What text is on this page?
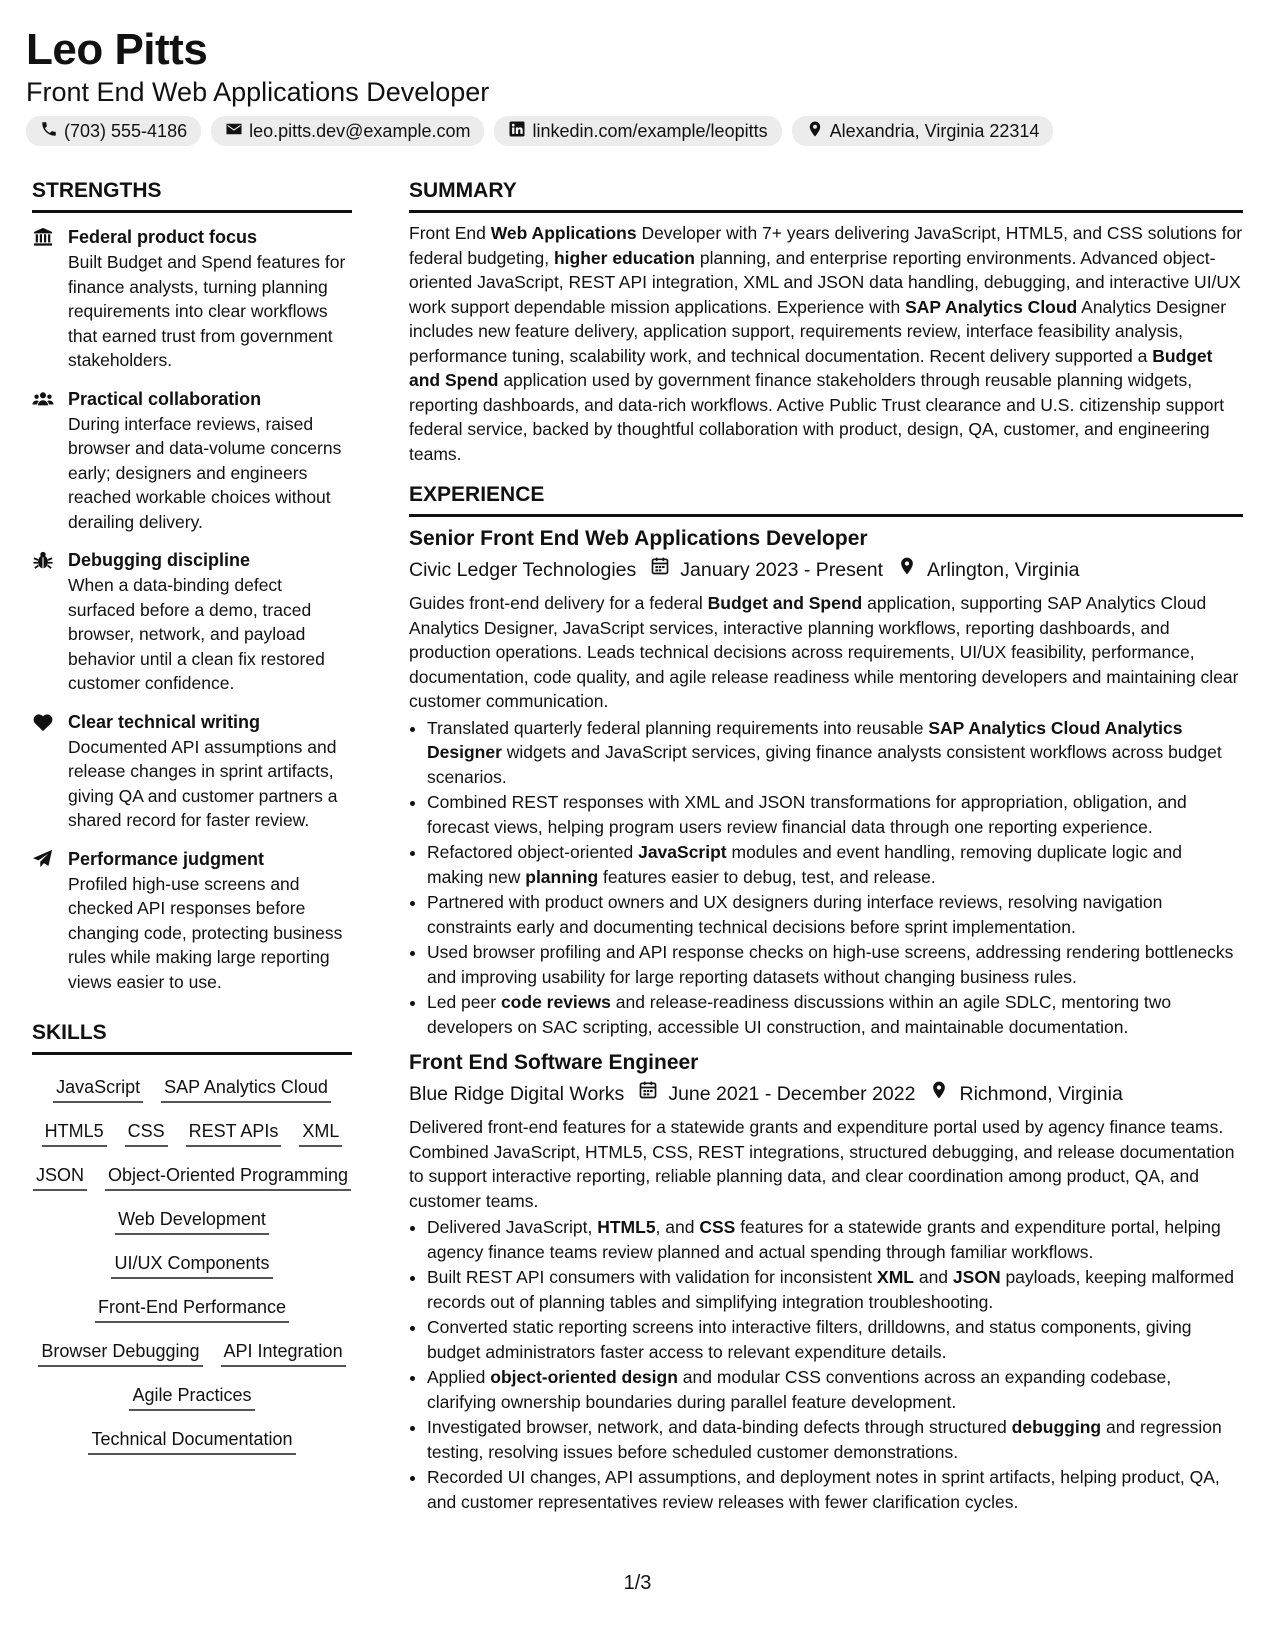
Leo Pitts
Front End Web Applications Developer
(703) 555-4186	leo.pitts.dev@example.com	linkedin.com/example/leopitts	Alexandria, Virginia 22314
STRENGTHS
Federal product focus
Built Budget and Spend features for finance analysts, turning planning requirements into clear workflows that earned trust from government stakeholders.
Practical collaboration
During interface reviews, raised browser and data-volume concerns early; designers and engineers reached workable choices without derailing delivery.
Debugging discipline
When a data-binding defect surfaced before a demo, traced browser, network, and payload behavior until a clean fix restored customer confidence.
Clear technical writing
Documented API assumptions and release changes in sprint artifacts, giving QA and customer partners a shared record for faster review.
Performance judgment
Profiled high-use screens and checked API responses before changing code, protecting business rules while making large reporting views easier to use.
SKILLS
JavaScript SAP Analytics Cloud
HTML5 CSS REST APIs XML
JSON Object-Oriented Programming
Web Development
UI/UX Components
Front-End Performance
Browser Debugging API Integration
Agile Practices
Technical Documentation
SUMMARY

Front End Web Applications Developer with 7+ years delivering JavaScript, HTML5, and CSS solutions for federal budgeting, higher education planning, and enterprise reporting environments. Advanced object-oriented JavaScript, REST API integration, XML and JSON data handling, debugging, and interactive UI/UX work support dependable mission applications. Experience with SAP Analytics Cloud Analytics Designer includes new feature delivery, application support, requirements review, interface feasibility analysis, performance tuning, scalability work, and technical documentation. Recent delivery supported a Budget and Spend application used by government finance stakeholders through reusable planning widgets, reporting dashboards, and data-rich workflows. Active Public Trust clearance and U.S. citizenship support federal service, backed by thoughtful collaboration with product, design, QA, customer, and engineering teams.

EXPERIENCE
Senior Front End Web Applications Developer
Civic Ledger Technologies January 2023 - Present Arlington, Virginia
Guides front-end delivery for a federal Budget and Spend application, supporting SAP Analytics Cloud Analytics Designer, JavaScript services, interactive planning workflows, reporting dashboards, and production operations. Leads technical decisions across requirements, UI/UX feasibility, performance, documentation, code quality, and agile release readiness while mentoring developers and maintaining clear customer communication.
• Translated quarterly federal planning requirements into reusable SAP Analytics Cloud Analytics Designer widgets and JavaScript services, giving finance analysts consistent workflows across budget scenarios.
• Combined REST responses with XML and JSON transformations for appropriation, obligation, and forecast views, helping program users review financial data through one reporting experience.
• Refactored object-oriented JavaScript modules and event handling, removing duplicate logic and making new planning features easier to debug, test, and release.
• Partnered with product owners and UX designers during interface reviews, resolving navigation constraints early and documenting technical decisions before sprint implementation.
• Used browser profiling and API response checks on high-use screens, addressing rendering bottlenecks and improving usability for large reporting datasets without changing business rules.
• Led peer code reviews and release-readiness discussions within an agile SDLC, mentoring two developers on SAC scripting, accessible UI construction, and maintainable documentation.
Front End Software Engineer
Blue Ridge Digital Works June 2021 - December 2022 Richmond, Virginia
Delivered front-end features for a statewide grants and expenditure portal used by agency finance teams. Combined JavaScript, HTML5, CSS, REST integrations, structured debugging, and release documentation to support interactive reporting, reliable planning data, and clear coordination among product, QA, and customer teams.
• Delivered JavaScript, HTML5, and CSS features for a statewide grants and expenditure portal, helping agency finance teams review planned and actual spending through familiar workflows.
• Built REST API consumers with validation for inconsistent XML and JSON payloads, keeping malformed records out of planning tables and simplifying integration troubleshooting.
• Converted static reporting screens into interactive filters, drilldowns, and status components, giving budget administrators faster access to relevant expenditure details.
• Applied object-oriented design and modular CSS conventions across an expanding codebase, clarifying ownership boundaries during parallel feature development.
• Investigated browser, network, and data-binding defects through structured debugging and regression testing, resolving issues before scheduled customer demonstrations.
• Recorded UI changes, API assumptions, and deployment notes in sprint artifacts, helping product, QA, and customer representatives review releases with fewer clarification cycles.
1/3
